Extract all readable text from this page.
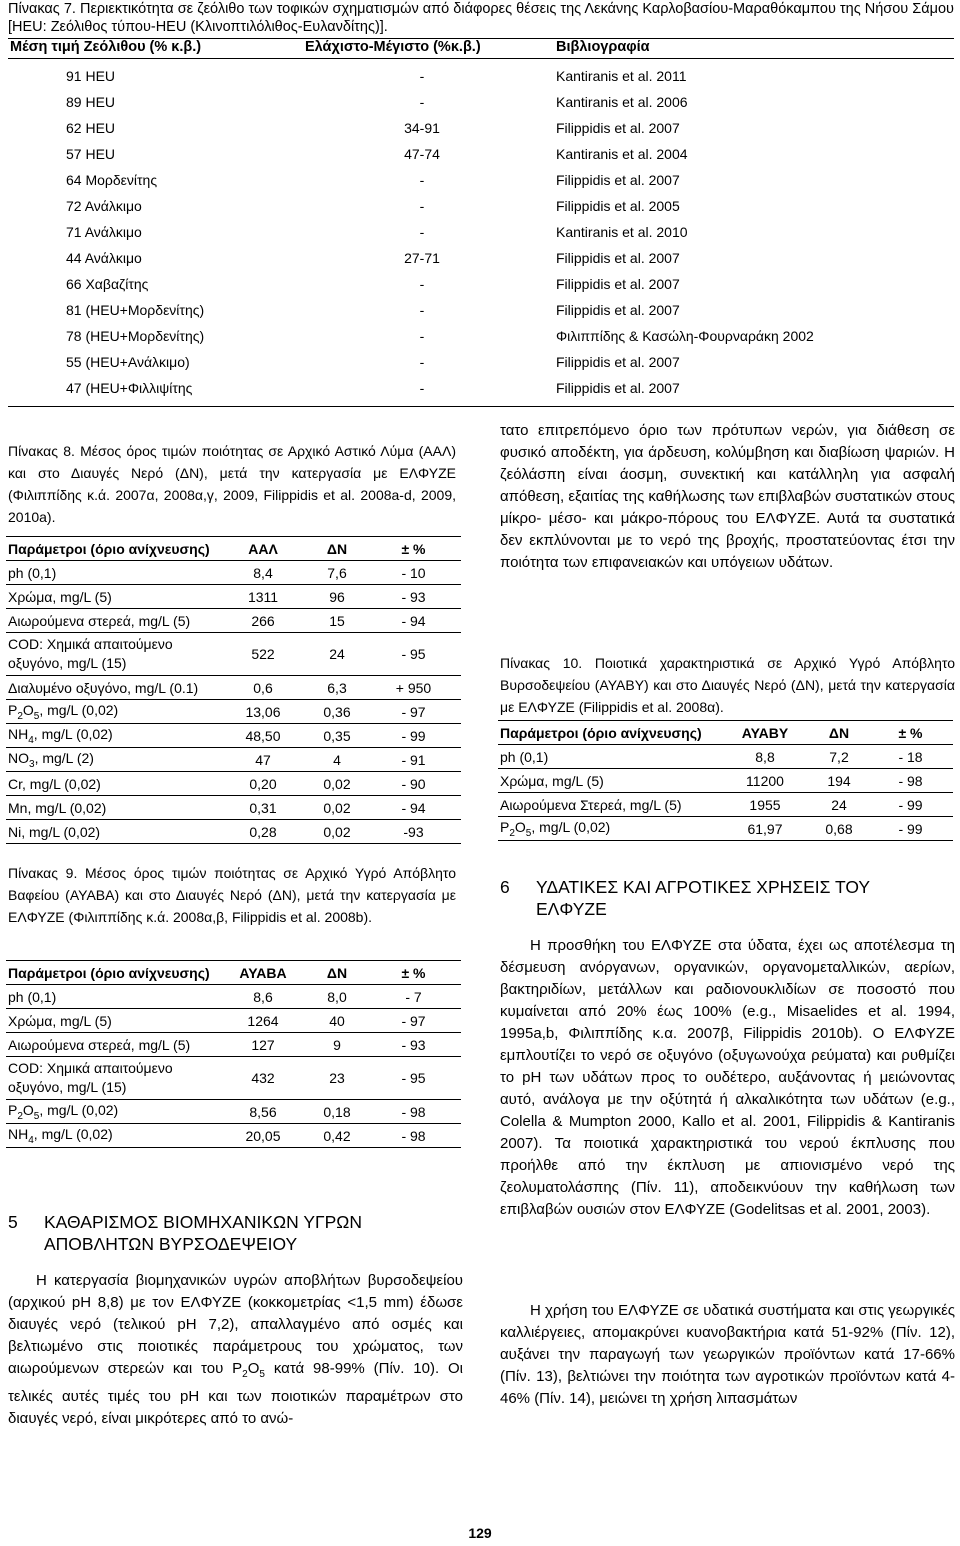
Πίνακας 7. Περιεκτικότητα σε ζεόλιθο των τοφικών σχηματισμών από διάφορες θέσεις της Λεκάνης Καρλοβασίου-Μαραθόκαμπου της Νήσου Σάμου [HEU: Ζεόλιθος τύπου-HEU (Κλινοπτιλόλιθος-Ευλανδίτης)].
Μέση τιμή Ζεόλιθου (% κ.β.)	Ελάχιστο-Μέγιστο (%κ.β.)	Βιβλιογραφία
91 HEU	-	Kantiranis et al. 2011
89 HEU	-	Kantiranis et al. 2006
62 HEU	34-91	Filippidis et al. 2007
57 HEU	47-74	Kantiranis et al. 2004
64 Μορδενίτης	-	Filippidis et al. 2007
72 Ανάλκιμο	-	Filippidis et al. 2005
71 Ανάλκιμο	-	Kantiranis et al. 2010
44 Ανάλκιμο	27-71	Filippidis et al. 2007
66 Χαβαζίτης	-	Filippidis et al. 2007
81 (HEU+Μορδενίτης)	-	Filippidis et al. 2007
78 (HEU+Μορδενίτης)	-	Φιλιππίδης & Κασώλη-Φουρναράκη 2002
55 (HEU+Ανάλκιμο)	-	Filippidis et al. 2007
47 (HEU+Φιλλιψίτης	-	Filippidis et al. 2007
Πίνακας 8. Μέσος όρος τιμών ποιότητας σε Αρχικό Αστικό Λύμα (ΑΑΛ) και στο Διαυγές Νερό (ΔΝ), μετά την κατεργασία με ΕΛΦΥΖΕ (Φιλιππίδης κ.ά. 2007α, 2008α,γ, 2009, Filippidis et al. 2008a-d, 2009, 2010a).
Παράμετροι (όριο ανίχνευσης)	ΑΑΛ	ΔΝ	± %
ph (0,1)	8,4	7,6	- 10
Χρώμα, mg/L (5)	1311	96	- 93
Αιωρούμενα στερεά, mg/L (5)	266	15	- 94
COD: Χημικά απαιτούμενο οξυγόνο, mg/L (15)	522	24	- 95
Διαλυμένο οξυγόνο, mg/L (0.1)	0,6	6,3	+ 950
$P_2O_5$, mg/L (0,02)	13,06	0,36	- 97
$NH_4$, mg/L (0,02)	48,50	0,35	- 99
$NO_3$, mg/L (2)	47	4	- 91
Cr, mg/L (0,02)	0,20	0,02	- 90
Mn, mg/L (0,02)	0,31	0,02	- 94
Ni, mg/L (0,02)	0,28	0,02	-93
Πίνακας 9. Μέσος όρος τιμών ποιότητας σε Αρχικό Υγρό Απόβλητο Βαφείου (ΑΥΑΒΑ) και στο Διαυγές Νερό (ΔΝ), μετά την κατεργασία με ΕΛΦΥΖΕ (Φιλιππίδης κ.ά. 2008α,β, Filippidis et al. 2008b).
Παράμετροι (όριο ανίχνευσης)	ΑΥΑΒΑ	ΔΝ	± %
ph (0,1)	8,6	8,0	- 7
Χρώμα, mg/L (5)	1264	40	- 97
Αιωρούμενα στερεά, mg/L (5)	127	9	- 93
COD: Χημικά απαιτούμενο οξυγόνο, mg/L (15)	432	23	- 95
$P_2O_5$, mg/L (0,02)	8,56	0,18	- 98
$NH_4$, mg/L (0,02)	20,05	0,42	- 98
5 ΚΑΘΑΡΙΣΜΟΣ ΒΙΟΜΗΧΑΝΙΚΩΝ ΥΓΡΩΝ
ΑΠΟΒΛΗΤΩΝ ΒΥΡΣΟΔΕΨΕΙΟΥ
Η κατεργασία βιομηχανικών υγρών αποβλήτων βυρσοδεψείου (αρχικού pH 8,8) με τον ΕΛΦΥΖΕ (κοκκομετρίας <1,5 mm) έδωσε διαυγές νερό (τελικού pH 7,2), απαλλαγμένο από οσμές και βελτιωμένο στις ποιοτικές παράμετρους του χρώματος, των αιωρούμενων στερεών και του $P_2O_5$ κατά 98-99% (Πίν. 10). Οι τελικές αυτές τιμές του pH και των ποιοτικών παραμέτρων στο διαυγές νερό, είναι μικρότερες από το ανώ-
τατο επιτρεπόμενο όριο των πρότυπων νερών, για διάθεση σε φυσικό αποδέκτη, για άρδευση, κολύμβηση και διαβίωση ψαριών. Η ζεόλάσπη είναι άοσμη, συνεκτική και κατάλληλη για ασφαλή απόθεση, εξαιτίας της καθήλωσης των επιβλαβών συστατικών στους μίκρο- μέσο- και μάκρο-πόρους του ΕΛΦΥΖΕ. Αυτά τα συστατικά δεν εκπλύνονται με το νερό της βροχής, προστατεύοντας έτσι την ποιότητα των επιφανειακών και υπόγειων υδάτων.
Πίνακας 10. Ποιοτικά χαρακτηριστικά σε Αρχικό Υγρό Απόβλητο Βυρσοδεψείου (ΑΥΑΒΥ) και στο Διαυγές Νερό (ΔΝ), μετά την κατεργασία με ΕΛΦΥΖΕ (Filippidis et al. 2008α).
Παράμετροι (όριο ανίχνευσης)	ΑΥΑΒΥ	ΔΝ	± %
ph (0,1)	8,8	7,2	- 18
Χρώμα, mg/L (5)	11200	194	- 98
Αιωρούμενα Στερεά, mg/L (5)	1955	24	- 99
$P_2O_5$, mg/L (0,02)	61,97	0,68	- 99
6 ΥΔΑΤΙΚΕΣ ΚΑΙ ΑΓΡΟΤΙΚΕΣ ΧΡΗΣΕΙΣ ΤΟΥ
ΕΛΦΥΖΕ
Η προσθήκη του ΕΛΦΥΖΕ στα ύδατα, έχει ως αποτέλεσμα τη δέσμευση ανόργανων, οργανικών, οργανομεταλλικών, αερίων, βακτηριδίων, μετάλλων και ραδιονουκλιδίων σε ποσοστό που κυμαίνεται από 20% έως 100% (e.g., Misaelides et al. 1994, 1995a,b, Φιλιππίδης κ.α. 2007β, Filippidis 2010b). Ο ΕΛΦΥΖΕ εμπλουτίζει το νερό σε οξυγόνο (οξυγωνούχα ρεύματα) και ρυθμίζει το pH των υδάτων προς το ουδέτερο, αυξάνοντας ή μειώνοντας αυτό, ανάλογα με την οξύτητά ή αλκαλικότητα των υδάτων (e.g., Colella & Mumpton 2000, Kallo et al. 2001, Filippidis & Kantiranis 2007). Τα ποιοτικά χαρακτηριστικά του νερού έκπλυσης που προήλθε από την έκπλυση με απιονισμένο νερό της ζεολυματολάσπης (Πίν. 11), αποδεικνύουν την καθήλωση των επιβλαβών ουσιών στον ΕΛΦΥΖΕ (Godelitsas et al. 2001, 2003).
Η χρήση του ΕΛΦΥΖΕ σε υδατικά συστήματα και στις γεωργικές καλλιέργειες, απομακρύνει κυανοβακτήρια κατά 51-92% (Πίν. 12), αυξάνει την παραγωγή των γεωργικών προϊόντων κατά 17-66% (Πίν. 13), βελτιώνει την ποιότητα των αγροτικών προϊόντων κατά 4-46% (Πίν. 14), μειώνει τη χρήση λιπασμάτων
129
